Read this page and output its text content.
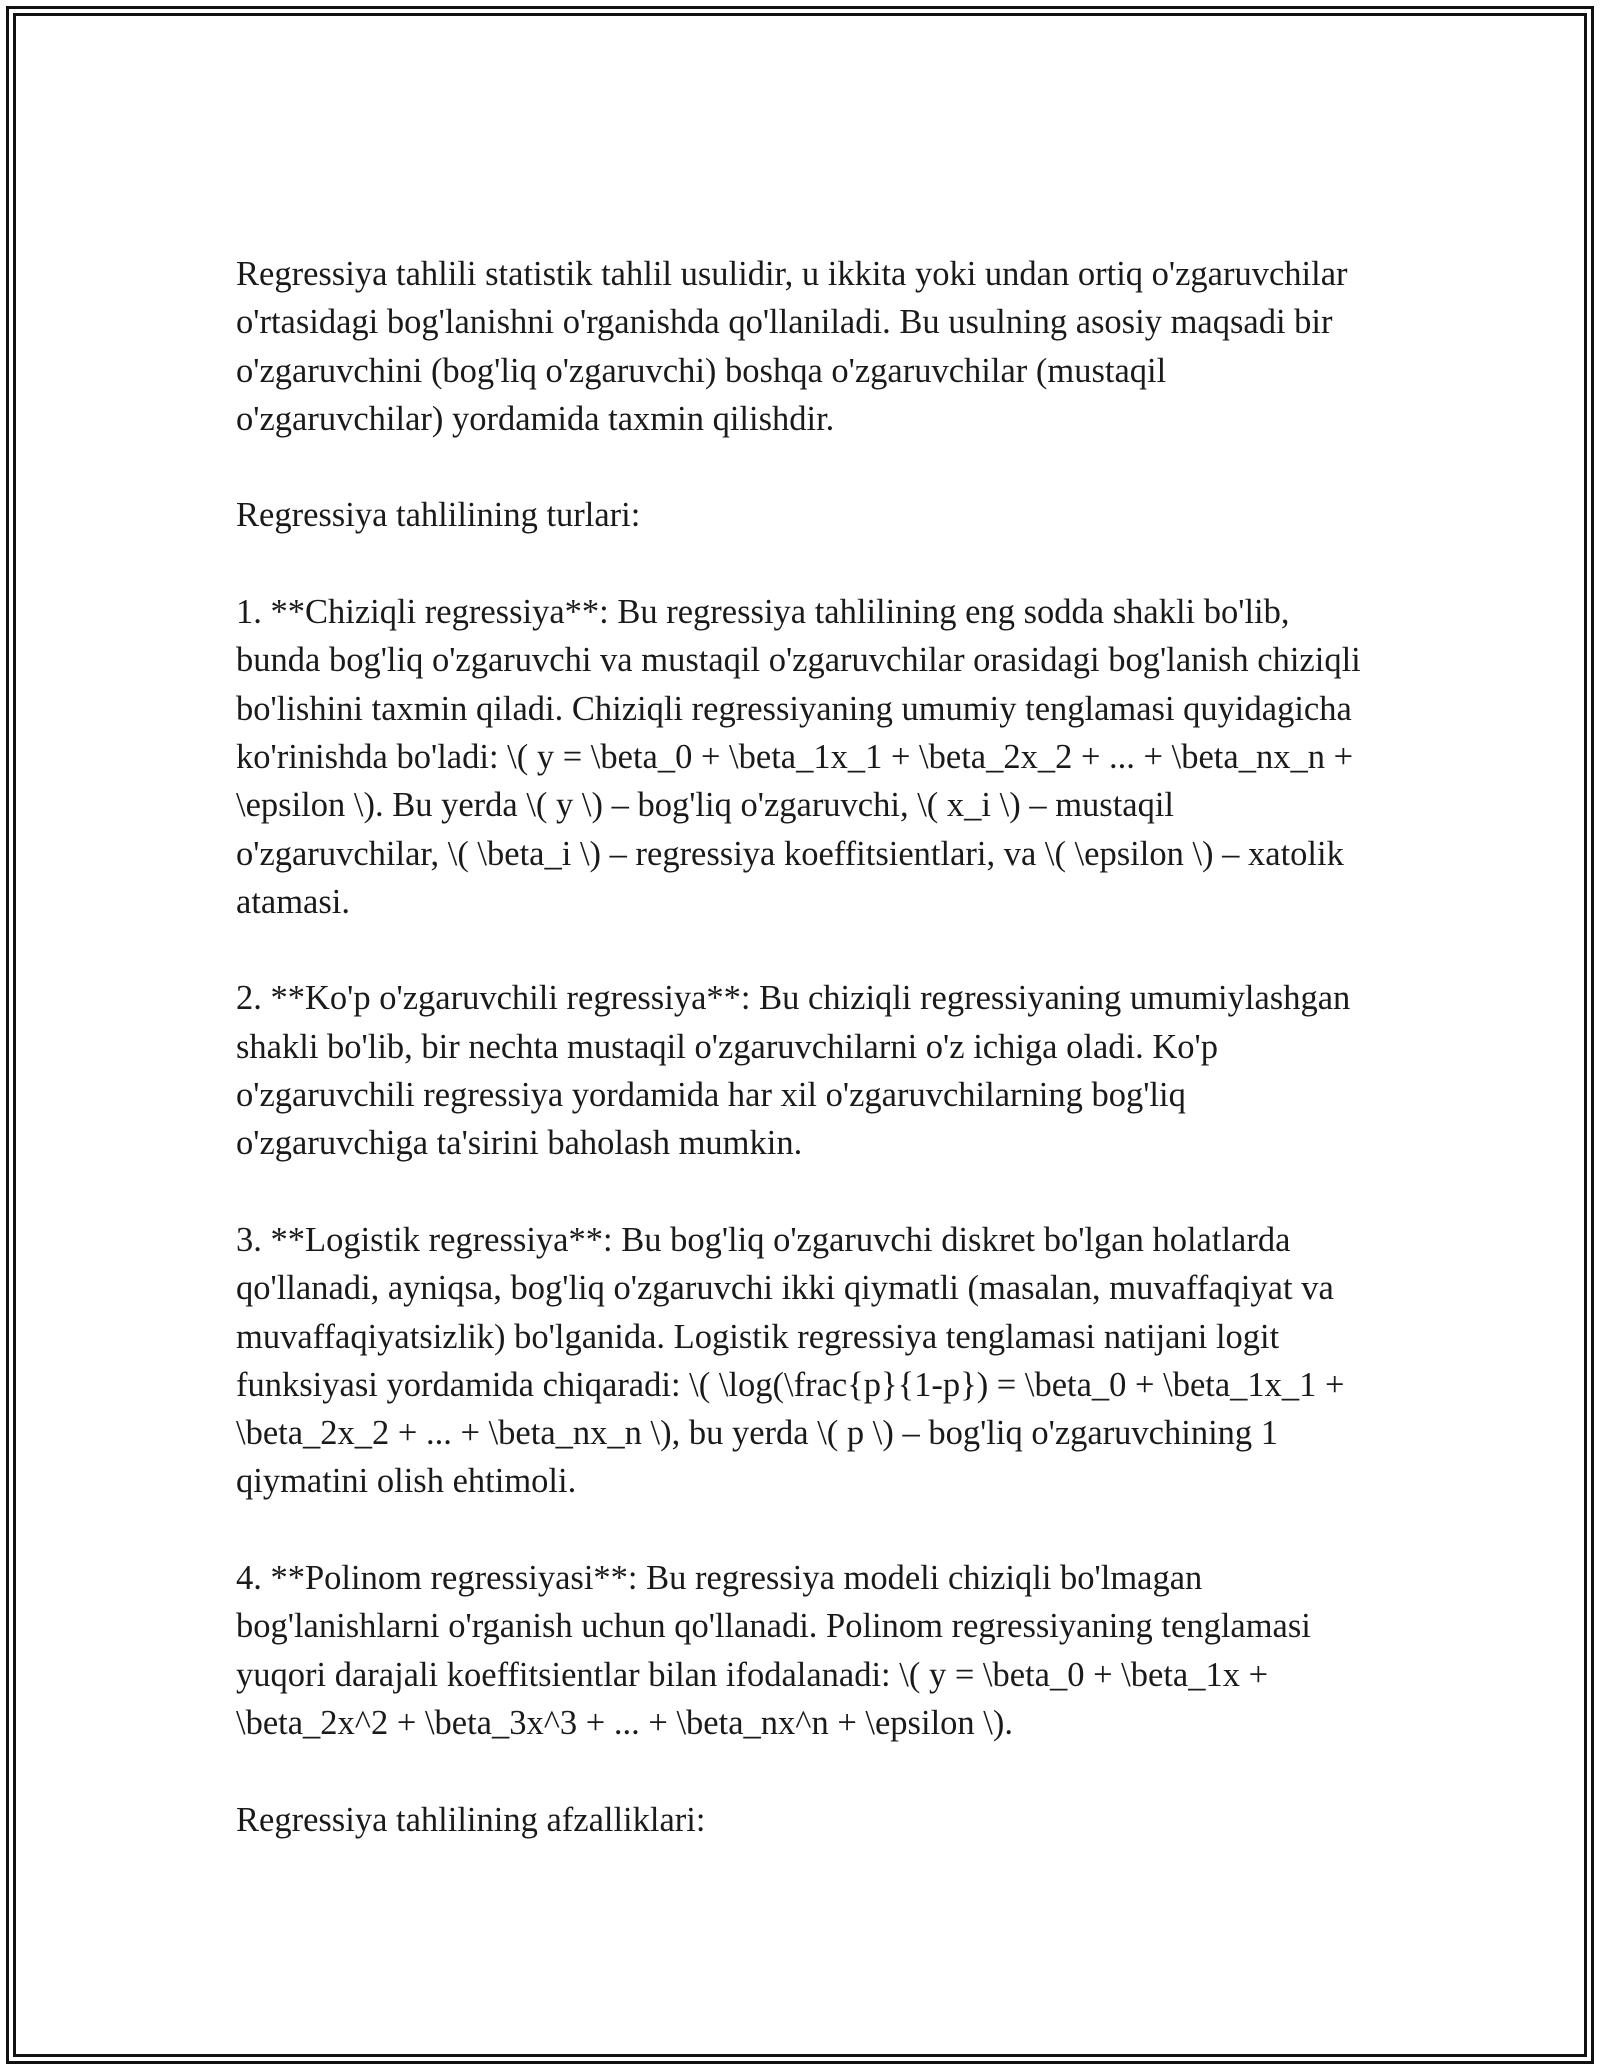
Regressiya tahlili statistik tahlil usulidir, u ikkita yoki undan ortiq o'zgaruvchilar o'rtasidagi bog'lanishni o'rganishda qo'llaniladi. Bu usulning asosiy maqsadi bir o'zgaruvchini (bog'liq o'zgaruvchi) boshqa o'zgaruvchilar (mustaqil o'zgaruvchilar) yordamida taxmin qilishdir.

Regressiya tahlilining turlari:

1. **Chiziqli regressiya**: Bu regressiya tahlilining eng sodda shakli bo'lib, bunda bog'liq o'zgaruvchi va mustaqil o'zgaruvchilar orasidagi bog'lanish chiziqli bo'lishini taxmin qiladi. Chiziqli regressiyaning umumiy tenglamasi quyidagicha ko'rinishda bo'ladi: \( y = \beta_0 + \beta_1x_1 + \beta_2x_2 + ... + \beta_nx_n + \epsilon \). Bu yerda \( y \) – bog'liq o'zgaruvchi, \( x_i \) – mustaqil o'zgaruvchilar, \( \beta_i \) – regressiya koeffitsientlari, va \( \epsilon \) – xatolik atamasi.

2. **Ko'p o'zgaruvchili regressiya**: Bu chiziqli regressiyaning umumiylashgan shakli bo'lib, bir nechta mustaqil o'zgaruvchilarni o'z ichiga oladi. Ko'p o'zgaruvchili regressiya yordamida har xil o'zgaruvchilarning bog'liq o'zgaruvchiga ta'sirini baholash mumkin.

3. **Logistik regressiya**: Bu bog'liq o'zgaruvchi diskret bo'lgan holatlarda qo'llanadi, ayniqsa, bog'liq o'zgaruvchi ikki qiymatli (masalan, muvaffaqiyat va muvaffaqiyatsizlik) bo'lganida. Logistik regressiya tenglamasi natijani logit funksiyasi yordamida chiqaradi: \( \log(\frac{p}{1-p}) = \beta_0 + \beta_1x_1 + \beta_2x_2 + ... + \beta_nx_n \), bu yerda \( p \) – bog'liq o'zgaruvchining 1 qiymatini olish ehtimoli.

4. **Polinom regressiyasi**: Bu regressiya modeli chiziqli bo'lmagan bog'lanishlarni o'rganish uchun qo'llanadi. Polinom regressiyaning tenglamasi yuqori darajali koeffitsientlar bilan ifodalanadi: \( y = \beta_0 + \beta_1x + \beta_2x^2 + \beta_3x^3 + ... + \beta_nx^n + \epsilon \).

Regressiya tahlilining afzalliklari:
